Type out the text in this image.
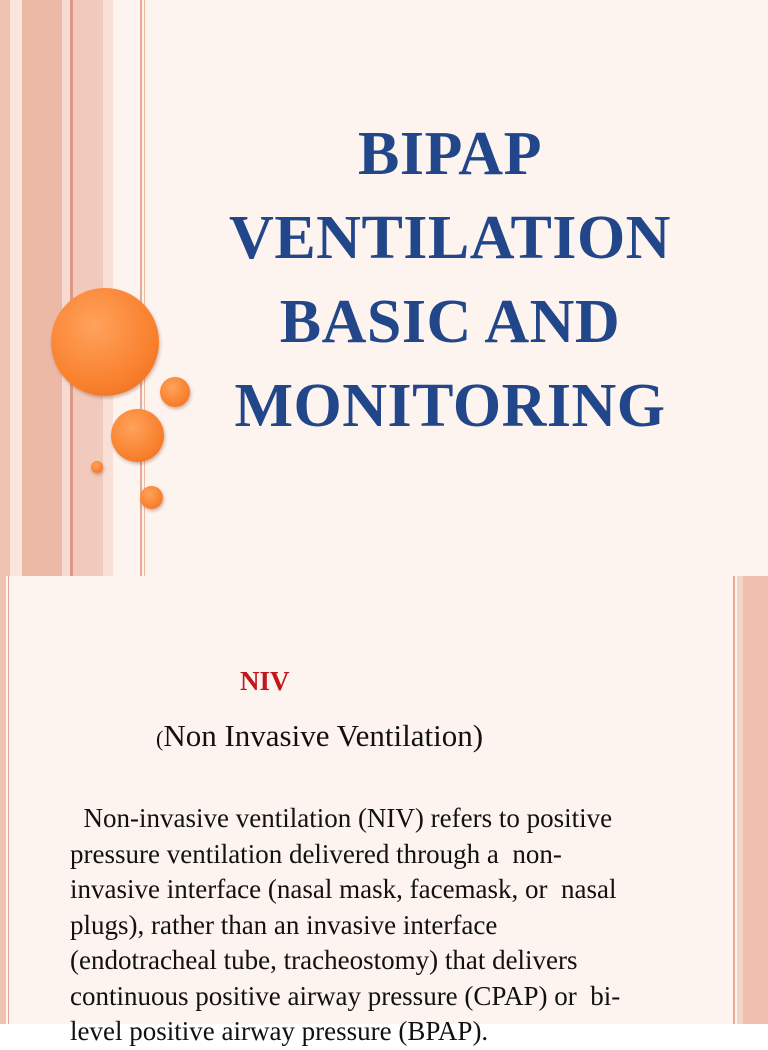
BIPAP
VENTILATION
BASIC AND
MONITORING
NIV
(Non Invasive Ventilation)
Non-invasive ventilation (NIV) refers to positive
pressure ventilation delivered through a  non-
invasive interface (nasal mask, facemask, or  nasal
plugs), rather than an invasive interface
(endotracheal tube, tracheostomy) that delivers
continuous positive airway pressure (CPAP) or  bi-
level positive airway pressure (BPAP).
